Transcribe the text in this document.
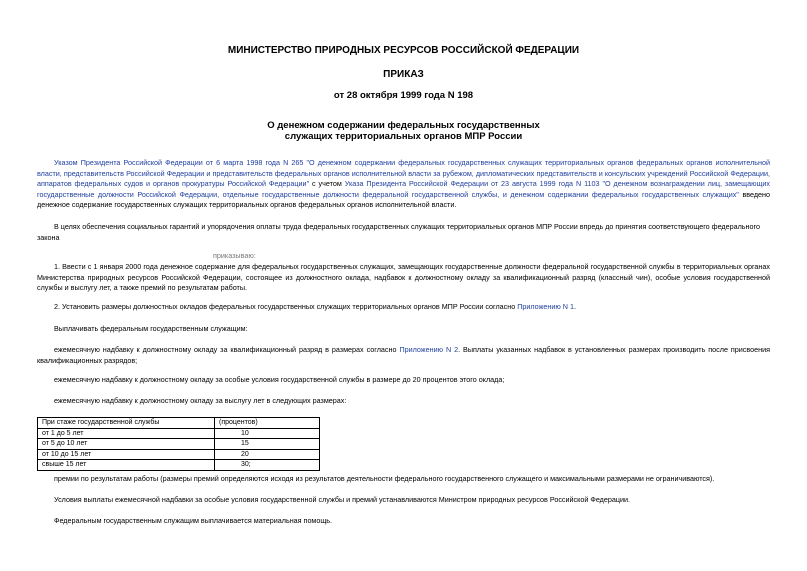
МИНИСТЕРСТВО ПРИРОДНЫХ РЕСУРСОВ РОССИЙСКОЙ ФЕДЕРАЦИИ
ПРИКАЗ
от 28 октября 1999 года N 198
О денежном содержании федеральных государственных
служащих территориальных органов МПР России
Указом Президента Российской Федерации от 6 марта 1998 года N 265 "О денежном содержании федеральных государственных служащих территориальных органов федеральных органов исполнительной власти, представительств Российской Федерации и представительств федеральных органов исполнительной власти за рубежом, дипломатических представительств и консульских учреждений Российской Федерации, аппаратов федеральных судов и органов прокуратуры Российской Федерации" с учетом Указа Президента Российской Федерации от 23 августа 1999 года N 1103 "О денежном вознаграждении лиц, замещающих государственные должности Российской Федерации, отдельные государственные должности федеральной государственной службы, и денежном содержании федеральных государственных служащих" введено денежное содержание государственных служащих территориальных органов федеральных органов исполнительной власти.
В целях обеспечения социальных гарантий и упорядочения оплаты труда федеральных государственных служащих территориальных органов МПР России впредь до принятия соответствующего федерального закона
приказываю:
1. Ввести с 1 января 2000 года денежное содержание для федеральных государственных служащих, замещающих государственные должности федеральной государственной службы в территориальных органах Министерства природных ресурсов Российской Федерации, состоящее из должностного оклада, надбавок к должностному окладу за квалификационный разряд (классный чин), особые условия государственной службы и выслугу лет, а также премий по результатам работы.
2. Установить размеры должностных окладов федеральных государственных служащих территориальных органов МПР России согласно Приложению N 1.
Выплачивать федеральным государственным служащим:
ежемесячную надбавку к должностному окладу за квалификационный разряд в размерах согласно Приложению N 2. Выплаты указанных надбавок в установленных размерах производить после присвоения квалификационных разрядов;
ежемесячную надбавку к должностному окладу за особые условия государственной службы в размере до 20 процентов этого оклада;
ежемесячную надбавку к должностному окладу за выслугу лет в следующих размерах:
При стаже государственной службы	(процентов)
от 1 до 5 лет	10
от 5 до 10 лет	15
от 10 до 15 лет	20
свыше 15 лет	30;
премии по результатам работы (размеры премий определяются исходя из результатов деятельности федерального государственного служащего и максимальными размерами не ограничиваются).
Условия выплаты ежемесячной надбавки за особые условия государственной службы и премий устанавливаются Министром природных ресурсов Российской Федерации.
Федеральным государственным служащим выплачивается материальная помощь.
